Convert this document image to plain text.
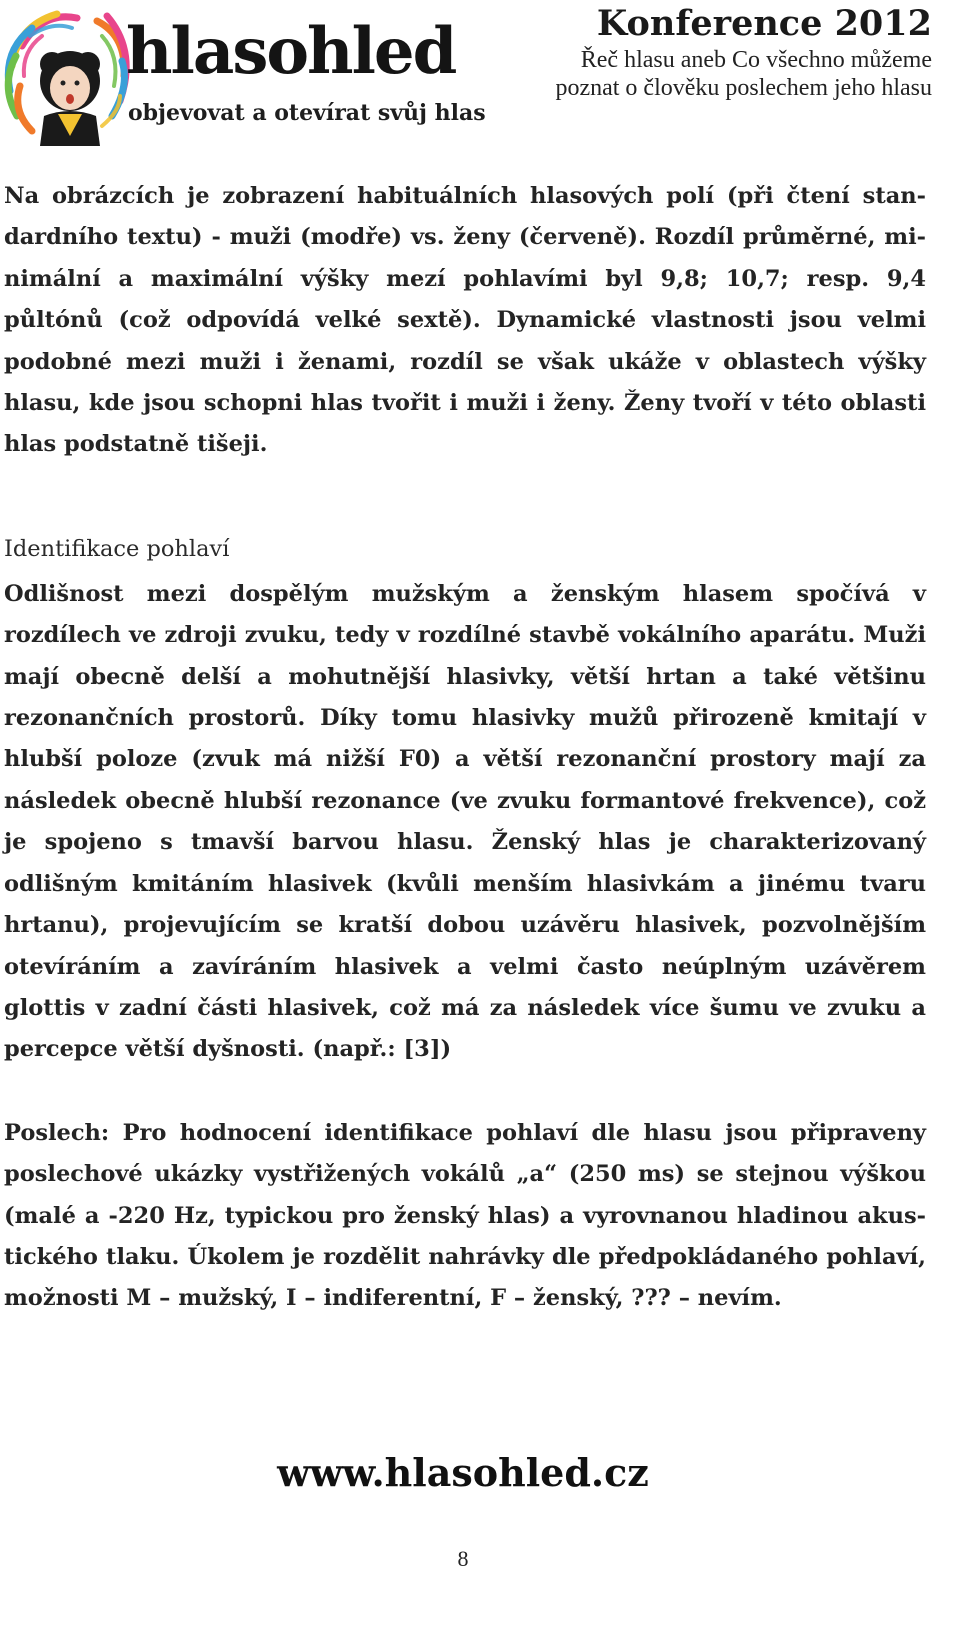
hlasohled
objevovat a otevírat svůj hlas
Konference 2012
Řeč hlasu aneb Co všechno můžeme poznat o člověku poslechem jeho hlasu

Na obrázcích je zobrazení habituálních hlasových polí (při čtení standardního textu) - muži (modře) vs. ženy (červeně). Rozdíl průměrné, minimální a maximální výšky mezí pohlavími byl 9,8; 10,7; resp. 9,4 půltónů (což odpovídá velké sextě). Dynamické vlastnosti jsou velmi podobné mezi muži i ženami, rozdíl se však ukáže v oblastech výšky hlasu, kde jsou schopni hlas tvořit i muži i ženy. Ženy tvoří v této oblasti hlas podstatně tišeji.

Identifikace pohlaví

Odlišnost mezi dospělým mužským a ženským hlasem spočívá v rozdílech ve zdroji zvuku, tedy v rozdílné stavbě vokálního aparátu. Muži mají obecně delší a mohutnější hlasivky, větší hrtan a také většinu rezonančních prostorů. Díky tomu hlasivky mužů přirozeně kmitají v hlubší poloze (zvuk má nižší F0) a větší rezonanční prostory mají za následek obecně hlubší rezonance (ve zvuku formantové frekvence), což je spojeno s tmavší barvou hlasu. Ženský hlas je charakterizovaný odlišným kmitáním hlasivek (kvůli menším hlasivkám a jinému tvaru hrtanu), projevujícím se kratší dobou uzávěru hlasivek, pozvolnějším otevíráním a zavíráním hlasivek a velmi často neúplným uzávěrem glottis v zadní části hlasivek, což má za následek více šumu ve zvuku a percepce větší dyšnosti. (např.: [3])

Poslech: Pro hodnocení identifikace pohlaví dle hlasu jsou připraveny poslechové ukázky vystřižených vokálů „a“ (250 ms) se stejnou výškou (malé a -220 Hz, typickou pro ženský hlas) a vyrovnanou hladinou akustického tlaku. Úkolem je rozdělit nahrávky dle předpokládaného pohlaví, možnosti M – mužský, I – indiferentní, F – ženský, ??? – nevím.

www.hlasohled.cz
8
